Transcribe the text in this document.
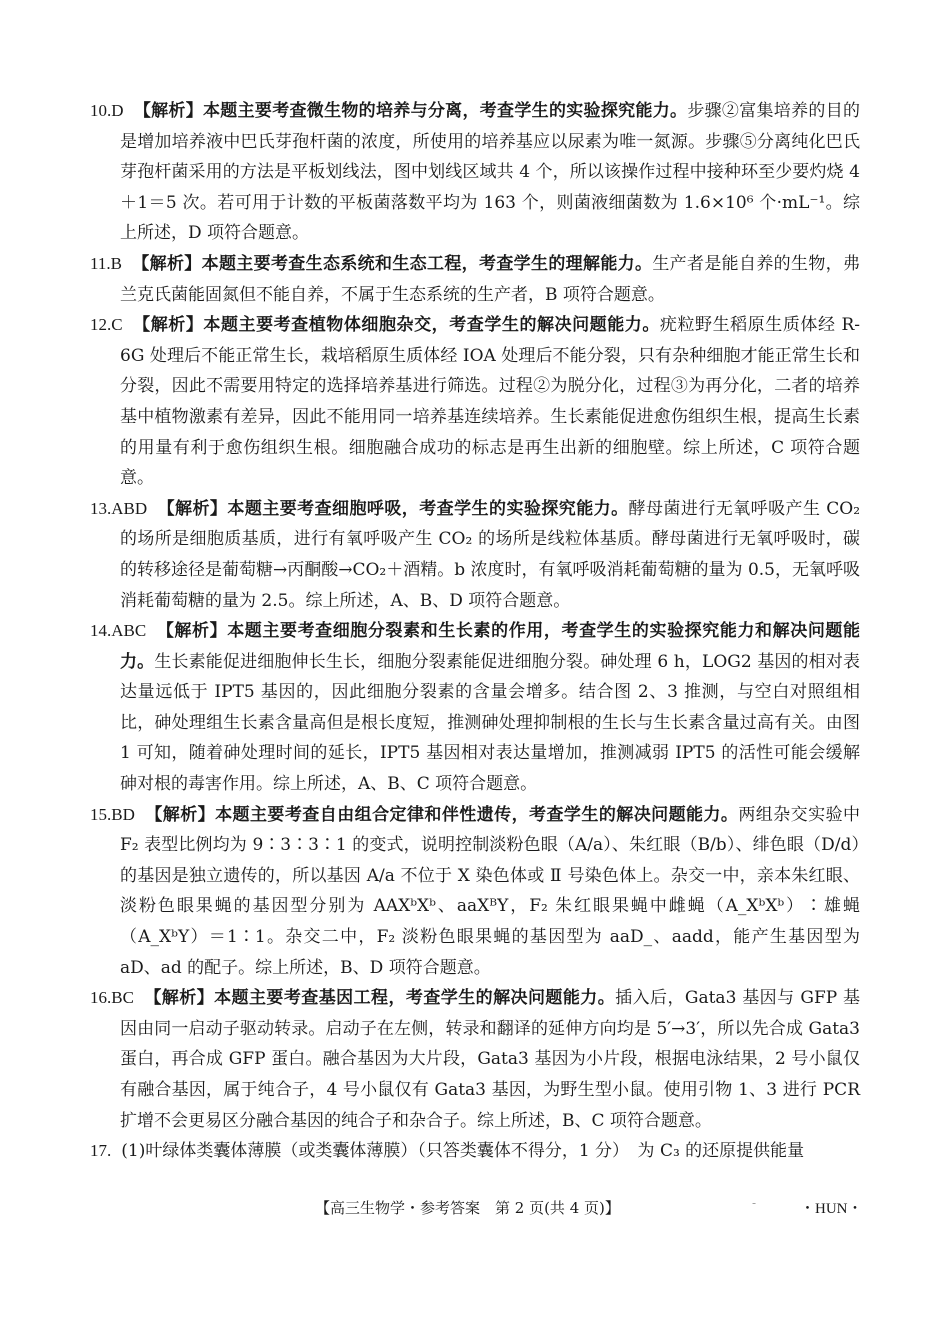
10.D 【解析】本题主要考查微生物的培养与分离，考查学生的实验探究能力。步骤②富集培养的目的是增加培养液中巴氏芽孢杆菌的浓度，所使用的培养基应以尿素为唯一氮源。步骤⑤分离纯化巴氏芽孢杆菌采用的方法是平板划线法，图中划线区域共 4 个，所以该操作过程中接种环至少要灼烧 4＋1＝5 次。若可用于计数的平板菌落数平均为 163 个，则菌液细菌数为 1.6×10⁶ 个·mL⁻¹。综上所述，D 项符合题意。

11.B 【解析】本题主要考查生态系统和生态工程，考查学生的理解能力。生产者是能自养的生物，弗兰克氏菌能固氮但不能自养，不属于生态系统的生产者，B 项符合题意。

12.C 【解析】本题主要考查植物体细胞杂交，考查学生的解决问题能力。疣粒野生稻原生质体经 R-6G 处理后不能正常生长，栽培稻原生质体经 IOA 处理后不能分裂，只有杂种细胞才能正常生长和分裂，因此不需要用特定的选择培养基进行筛选。过程②为脱分化，过程③为再分化，二者的培养基中植物激素有差异，因此不能用同一培养基连续培养。生长素能促进愈伤组织生根，提高生长素的用量有利于愈伤组织生根。细胞融合成功的标志是再生出新的细胞壁。综上所述，C 项符合题意。

13.ABD 【解析】本题主要考查细胞呼吸，考查学生的实验探究能力。酵母菌进行无氧呼吸产生 CO₂ 的场所是细胞质基质，进行有氧呼吸产生 CO₂ 的场所是线粒体基质。酵母菌进行无氧呼吸时，碳的转移途径是葡萄糖→丙酮酸→CO₂＋酒精。b 浓度时，有氧呼吸消耗葡萄糖的量为 0.5，无氧呼吸消耗葡萄糖的量为 2.5。综上所述，A、B、D 项符合题意。

14.ABC 【解析】本题主要考查细胞分裂素和生长素的作用，考查学生的实验探究能力和解决问题能力。生长素能促进细胞伸长生长，细胞分裂素能促进细胞分裂。砷处理 6 h，LOG2 基因的相对表达量远低于 IPT5 基因的，因此细胞分裂素的含量会增多。结合图 2、3 推测，与空白对照组相比，砷处理组生长素含量高但是根长度短，推测砷处理抑制根的生长与生长素含量过高有关。由图 1 可知，随着砷处理时间的延长，IPT5 基因相对表达量增加，推测减弱 IPT5 的活性可能会缓解砷对根的毒害作用。综上所述，A、B、C 项符合题意。

15.BD 【解析】本题主要考查自由组合定律和伴性遗传，考查学生的解决问题能力。两组杂交实验中 F₂ 表型比例均为 9∶3∶3∶1 的变式，说明控制淡粉色眼（A/a）、朱红眼（B/b）、绯色眼（D/d）的基因是独立遗传的，所以基因 A/a 不位于 X 染色体或 Ⅱ 号染色体上。杂交一中，亲本朱红眼、淡粉色眼果蝇的基因型分别为 AAXᵇXᵇ、aaXᴮY，F₂ 朱红眼果蝇中雌蝇（A_XᵇXᵇ）∶雄蝇（A_XᵇY）＝1∶1。杂交二中，F₂ 淡粉色眼果蝇的基因型为 aaD_、aadd，能产生基因型为 aD、ad 的配子。综上所述，B、D 项符合题意。

16.BC 【解析】本题主要考查基因工程，考查学生的解决问题能力。插入后，Gata3 基因与 GFP 基因由同一启动子驱动转录。启动子在左侧，转录和翻译的延伸方向均是 5′→3′，所以先合成 Gata3 蛋白，再合成 GFP 蛋白。融合基因为大片段，Gata3 基因为小片段，根据电泳结果，2 号小鼠仅有融合基因，属于纯合子，4 号小鼠仅有 Gata3 基因，为野生型小鼠。使用引物 1、3 进行 PCR 扩增不会更易区分融合基因的纯合子和杂合子。综上所述，B、C 项符合题意。

17. (1)叶绿体类囊体薄膜（或类囊体薄膜）（只答类囊体不得分，1 分）　为 C₃ 的还原提供能量

【高三生物学・参考答案　第 2 页(共 4 页)】	-	・HUN・
